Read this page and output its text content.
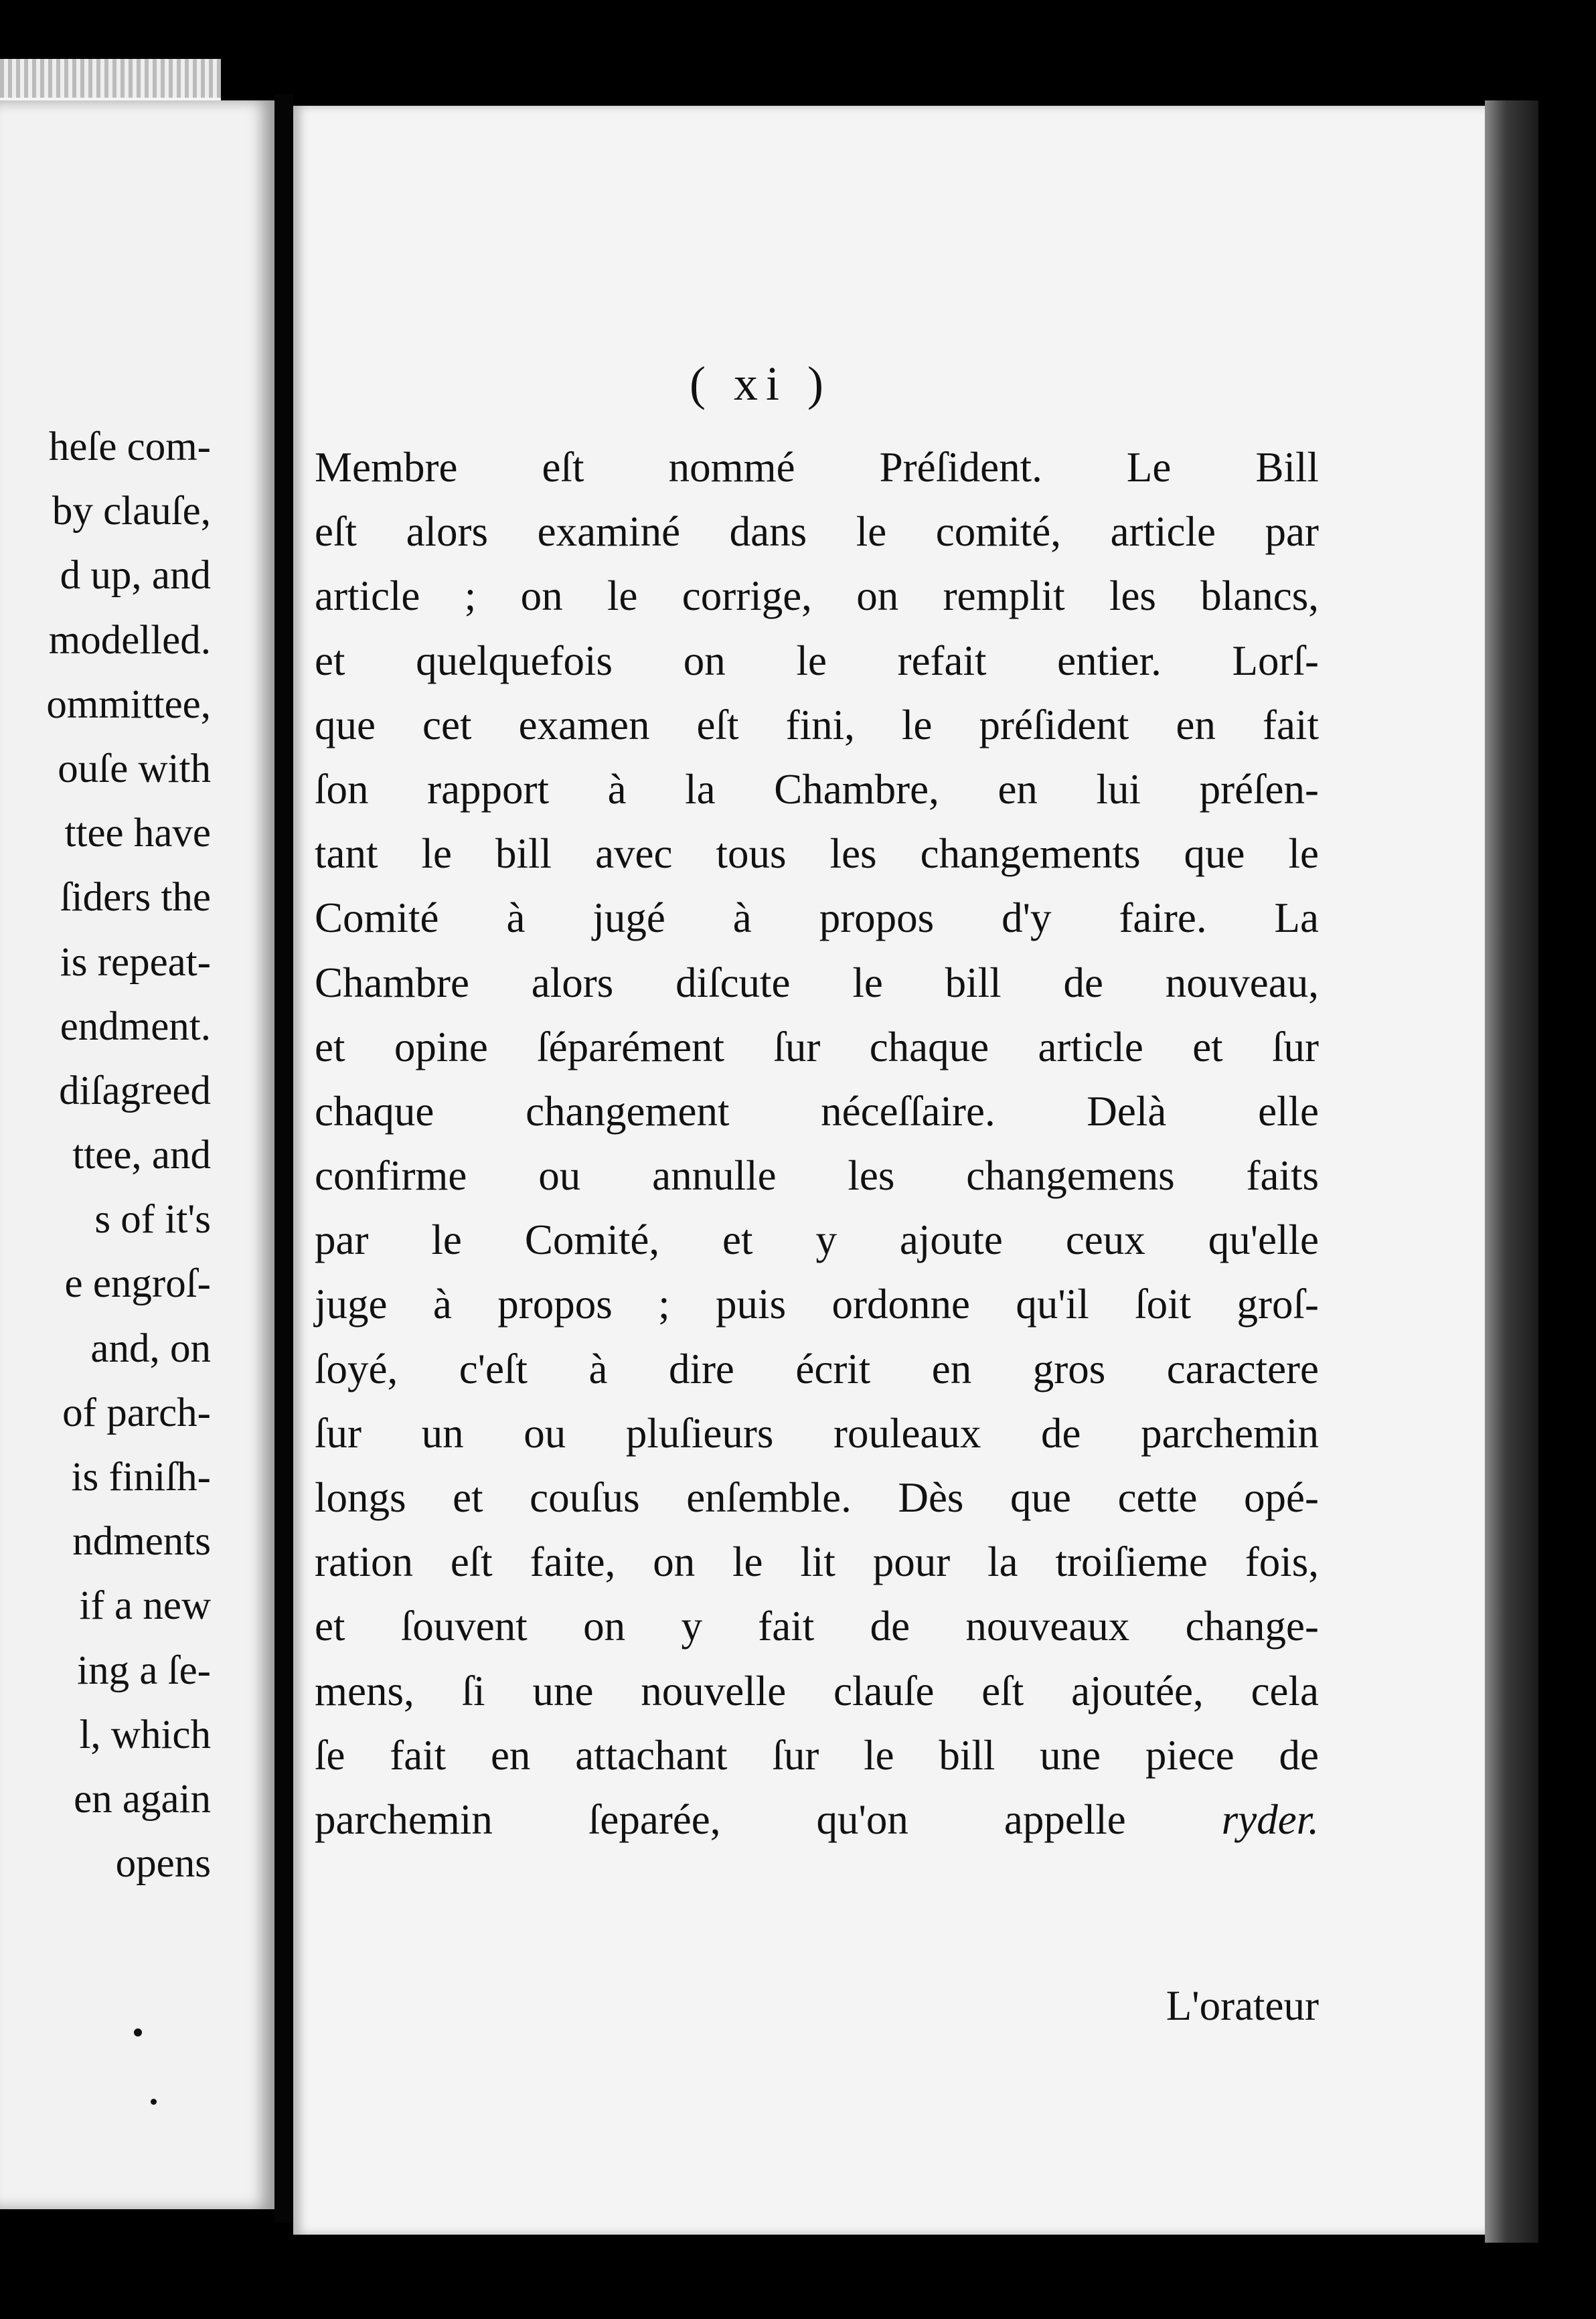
heſe com-
by clauſe,
d up, and
modelled.
ommittee,
ouſe with
ttee have
ſiders the
is repeat-
endment.
diſagreed
ttee, and
s of it's
e engroſ-
and, on
of parch-
is finiſh-
ndments
if a new
ing a ſe-
l, which
en again
opens
( xi )
Membre eſt nommé Préſident. Le Bill
eſt alors examiné dans le comité, article par
article ; on le corrige, on remplit les blancs,
et quelquefois on le refait entier. Lorſ-
que cet examen eſt fini, le préſident en fait
ſon rapport à la Chambre, en lui préſen-
tant le bill avec tous les changements que le
Comité à jugé à propos d'y faire. La
Chambre alors diſcute le bill de nouveau,
et opine ſéparément ſur chaque article et ſur
chaque changement néceſſaire. Delà elle
confirme ou annulle les changemens faits
par le Comité, et y ajoute ceux qu'elle
juge à propos ; puis ordonne qu'il ſoit groſ-
ſoyé, c'eſt à dire écrit en gros caractere
ſur un ou pluſieurs rouleaux de parchemin
longs et couſus enſemble. Dès que cette opé-
ration eſt faite, on le lit pour la troiſieme fois,
et ſouvent on y fait de nouveaux change-
mens, ſi une nouvelle clauſe eſt ajoutée, cela
ſe fait en attachant ſur le bill une piece de
parchemin ſeparée, qu'on appelle ryder.
L'orateur
